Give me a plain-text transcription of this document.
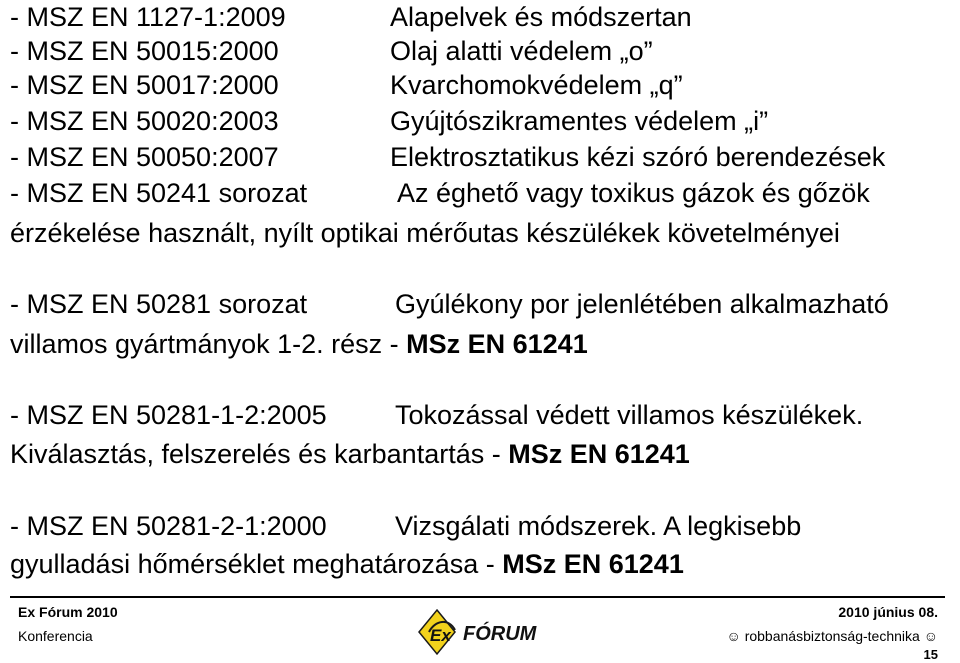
- MSZ EN 1127-1:2009	Alapelvek és módszertan
- MSZ EN 50015:2000	Olaj alatti védelem „o”
- MSZ EN 50017:2000	Kvarchomokvédelem „q”
- MSZ EN 50020:2003	Gyújtószikramentes védelem „i”
- MSZ EN 50050:2007	Elektrosztatikus kézi szóró berendezések
- MSZ EN 50241 sorozat	Az éghető vagy toxikus gázok és gőzök
érzékelése használt, nyílt optikai mérőutas készülékek követelményei
- MSZ EN 50281 sorozat	Gyúlékony por jelenlétében alkalmazható
villamos gyártmányok 1-2. rész - MSz EN 61241
- MSZ EN 50281-1-2:2005	Tokozással védett villamos készülékek.
Kiválasztás, felszerelés és karbantartás - MSz EN 61241
- MSZ EN 50281-2-1:2000	Vizsgálati módszerek. A legkisebb
gyulladási hőmérséklet meghatározása - MSz EN 61241
Ex Fórum 2010
Konferencia	Ex FÓRUM
2010 június 08.
☺ robbanásbiztonság-technika ☺
15
